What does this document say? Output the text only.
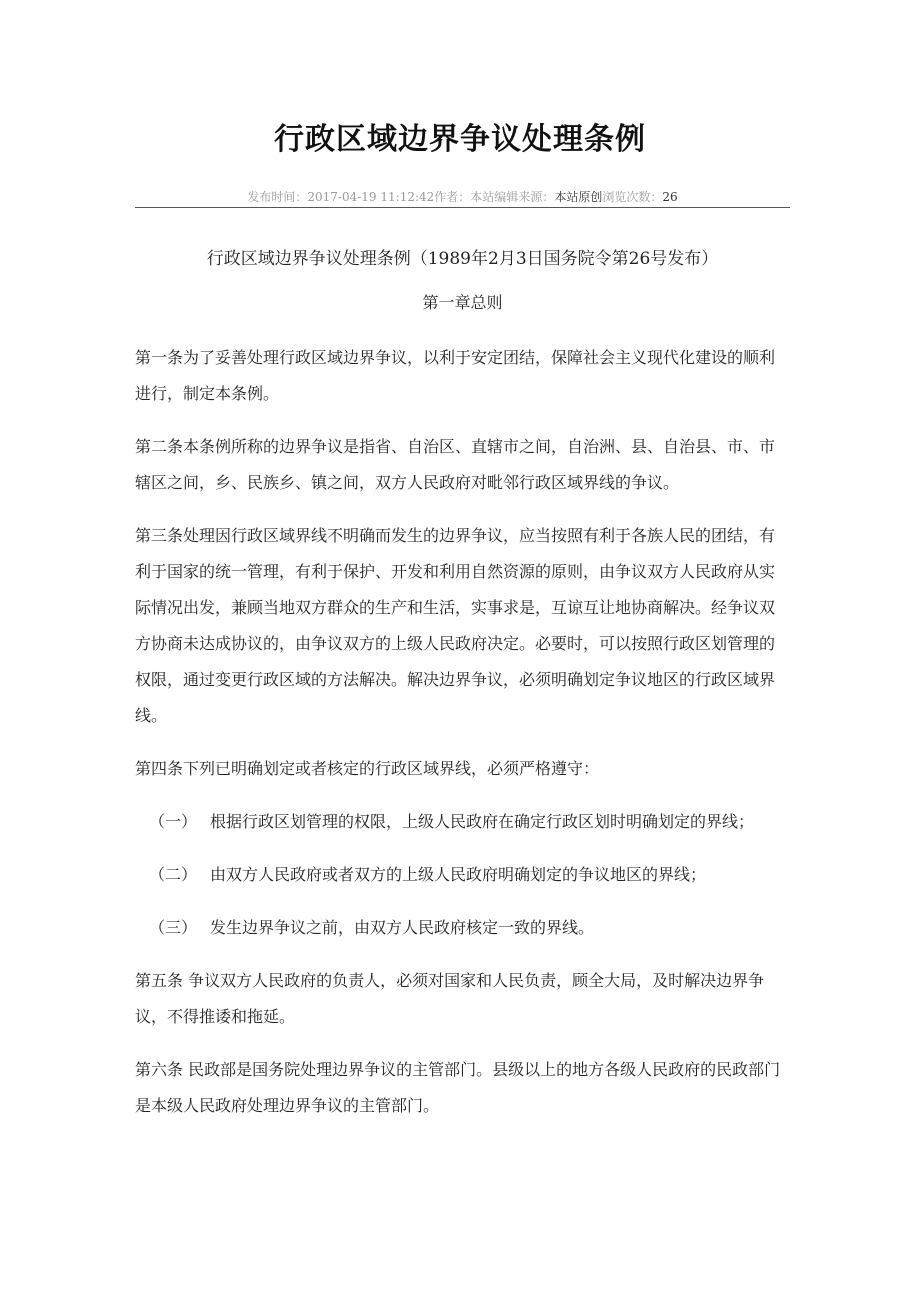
行政区域边界争议处理条例
发布时间：2017-04-19 11:12:42作者：本站编辑来源：本站原创浏览次数：26
行政区域边界争议处理条例（1989年2月3日国务院令第26号发布）
第一章总则

第一条为了妥善处理行政区域边界争议，以利于安定团结，保障社会主义现代化建设的顺利进行，制定本条例。

第二条本条例所称的边界争议是指省、自治区、直辖市之间，自治洲、县、自治县、市、市辖区之间，乡、民族乡、镇之间，双方人民政府对毗邻行政区域界线的争议。

第三条处理因行政区域界线不明确而发生的边界争议，应当按照有利于各族人民的团结，有利于国家的统一管理，有利于保护、开发和利用自然资源的原则，由争议双方人民政府从实际情况出发，兼顾当地双方群众的生产和生活，实事求是，互谅互让地协商解决。经争议双方协商未达成协议的，由争议双方的上级人民政府决定。必要时，可以按照行政区划管理的权限，通过变更行政区域的方法解决。解决边界争议，必须明确划定争议地区的行政区域界线。

第四条下列已明确划定或者核定的行政区域界线，必须严格遵守：

（一） 根据行政区划管理的权限，上级人民政府在确定行政区划时明确划定的界线；

（二） 由双方人民政府或者双方的上级人民政府明确划定的争议地区的界线；

（三） 发生边界争议之前，由双方人民政府核定一致的界线。

第五条 争议双方人民政府的负责人，必须对国家和人民负责，顾全大局，及时解决边界争议，不得推诿和拖延。

第六条 民政部是国务院处理边界争议的主管部门。县级以上的地方各级人民政府的民政部门是本级人民政府处理边界争议的主管部门。
